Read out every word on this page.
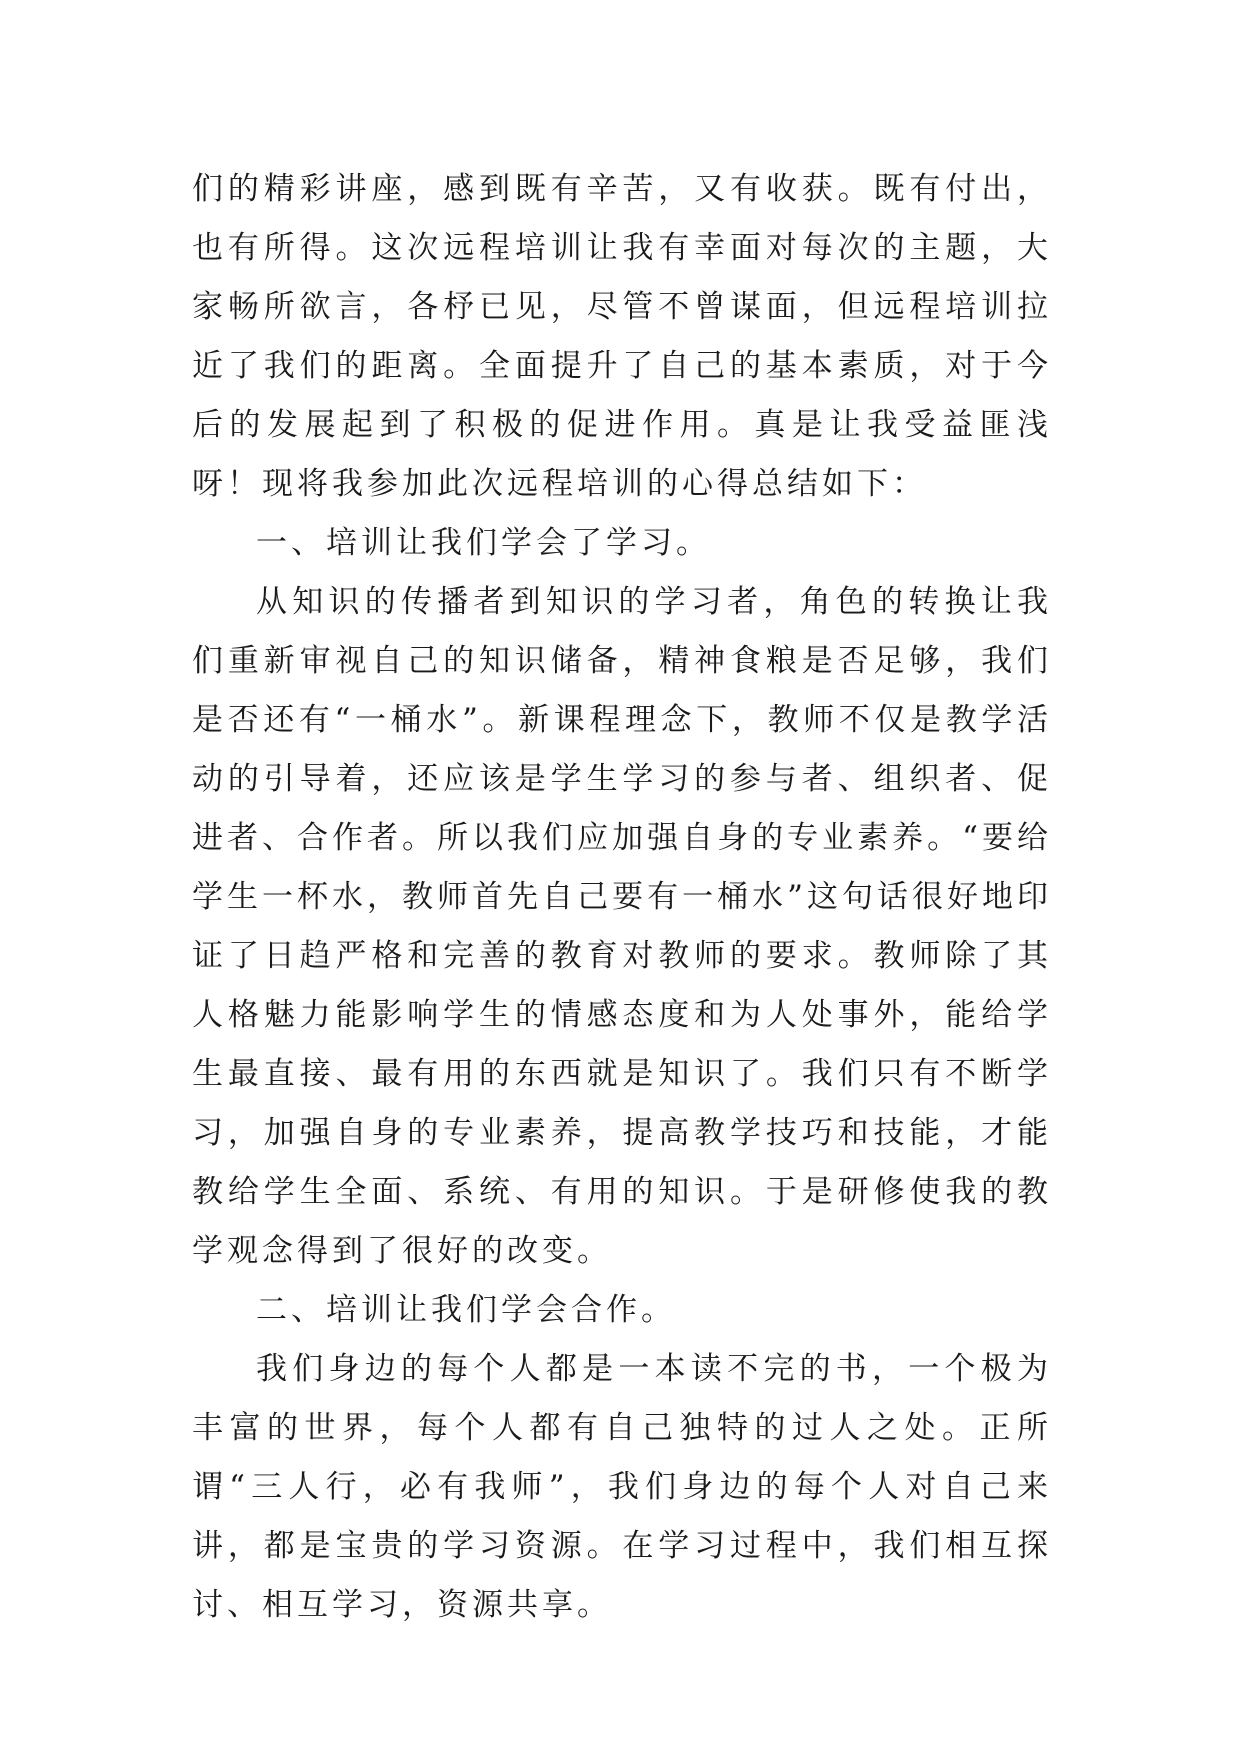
们的精彩讲座，感到既有辛苦，又有收获。既有付出，也有所得。这次远程培训让我有幸面对每次的主题，大家畅所欲言，各杼已见，尽管不曾谋面，但远程培训拉近了我们的距离。全面提升了自己的基本素质，对于今后的发展起到了积极的促进作用。真是让我受益匪浅呀！现将我参加此次远程培训的心得总结如下：

一、培训让我们学会了学习。

从知识的传播者到知识的学习者，角色的转换让我们重新审视自己的知识储备，精神食粮是否足够，我们是否还有“一桶水”。新课程理念下，教师不仅是教学活动的引导着，还应该是学生学习的参与者、组织者、促进者、合作者。所以我们应加强自身的专业素养。“要给学生一杯水，教师首先自己要有一桶水”这句话很好地印证了日趋严格和完善的教育对教师的要求。教师除了其人格魅力能影响学生的情感态度和为人处事外，能给学生最直接、最有用的东西就是知识了。我们只有不断学习，加强自身的专业素养，提高教学技巧和技能，才能教给学生全面、系统、有用的知识。于是研修使我的教学观念得到了很好的改变。

二、培训让我们学会合作。

我们身边的每个人都是一本读不完的书，一个极为丰富的世界，每个人都有自己独特的过人之处。正所谓“三人行，必有我师”，我们身边的每个人对自己来讲，都是宝贵的学习资源。在学习过程中，我们相互探讨、相互学习，资源共享。
